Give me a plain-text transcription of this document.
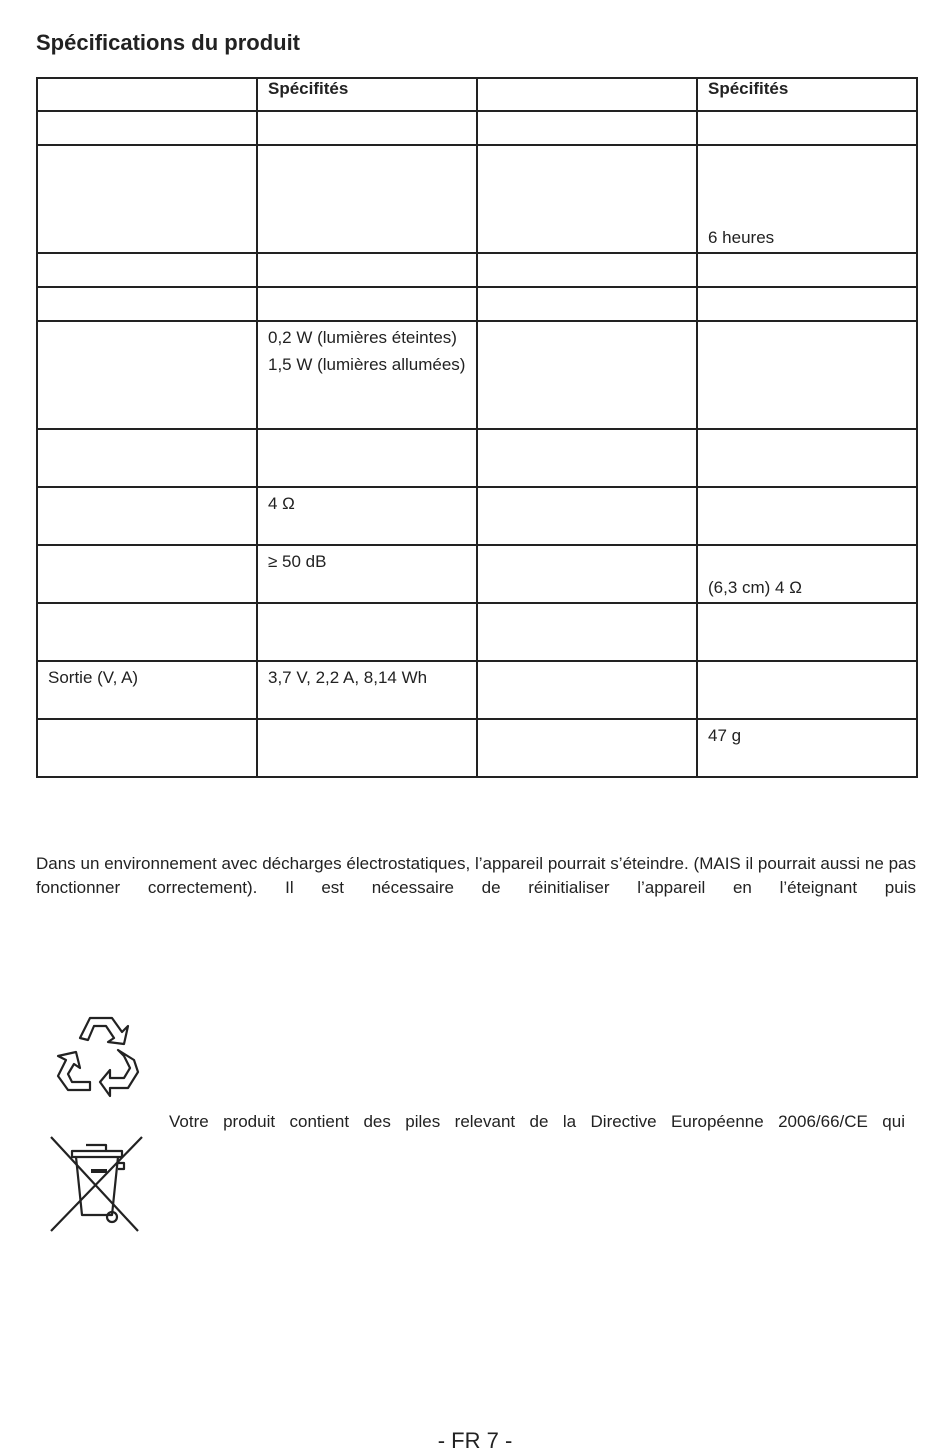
Spécifications du produit
	Spécifités		Spécifités

			6 heures

	0,2 W (lumières éteintes)
1,5 W (lumières allumées)		

	4 Ω		

	≥ 50 dB		(6,3 cm) 4 Ω

Sortie (V, A)	3,7 V, 2,2 A, 8,14 Wh		

			47 g

Dans un environnement avec décharges électrostatiques, l’appareil pourrait s’éteindre. (MAIS il pourrait aussi ne pas fonctionner correctement). Il est nécessaire de réinitialiser l’appareil en l’éteignant puis

Votre produit contient des piles relevant de la Directive Européenne 2006/66/CE qui

- FR 7 -
